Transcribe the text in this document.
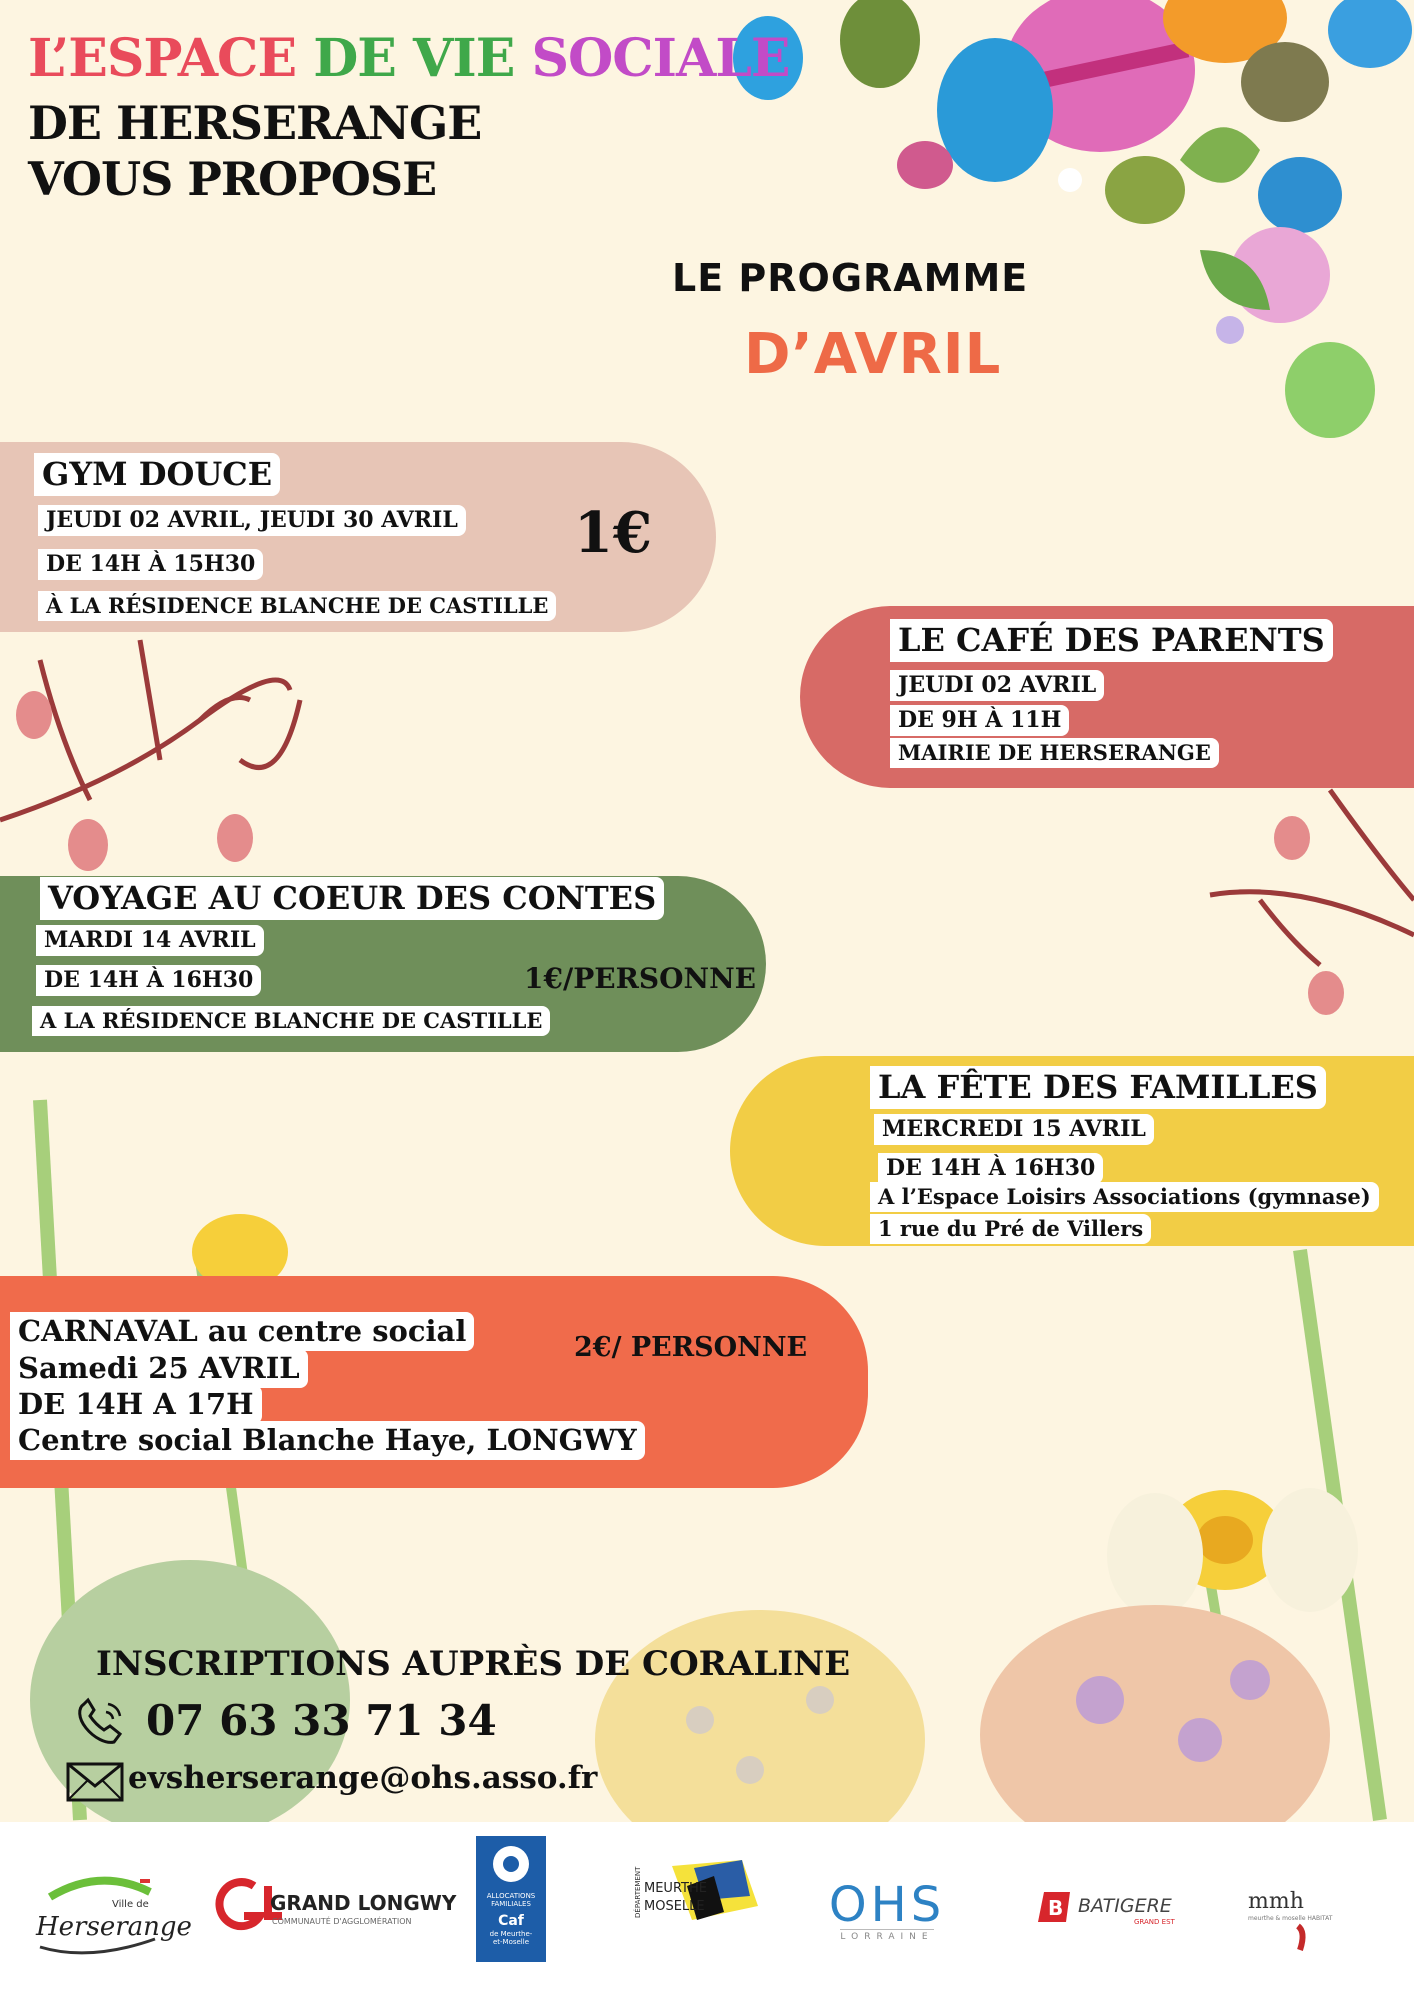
L’ESPACE DE VIE SOCIALE
DE HERSERANGE
VOUS PROPOSE
LE PROGRAMME
D’AVRIL
GYM DOUCE
JEUDI 02 AVRIL, JEUDI 30 AVRIL
DE 14H À 15H30
À LA RÉSIDENCE BLANCHE DE CASTILLE
1€
LE CAFÉ DES PARENTS
JEUDI 02 AVRIL
DE 9H À 11H
MAIRIE DE HERSERANGE
VOYAGE AU COEUR DES CONTES
MARDI 14 AVRIL
DE 14H À 16H30
A LA RÉSIDENCE BLANCHE DE CASTILLE
1€/PERSONNE
LA FÊTE DES FAMILLES
MERCREDI 15 AVRIL
DE 14H À 16H30
A l’Espace Loisirs Associations (gymnase)
1 rue du Pré de Villers
CARNAVAL au centre social
Samedi 25 AVRIL
DE 14H A 17H
Centre social Blanche Haye, LONGWY
2€/ PERSONNE
INSCRIPTIONS AUPRÈS DE CORALINE
07 63 33 71 34
evsherserange@ohs.asso.fr
Ville de
Herserange
GRAND LONGWY
COMMUNAUTÉ D'AGGLOMÉRATION
ALLOCATIONS
FAMILIALES
Caf
de Meurthe-
et-Moselle
DÉPARTEMENT MEURTHE
MOSELLE	OHS
LORRAINE
B BATIGERE
GRAND EST
mmh
meurthe & moselle HABITAT
